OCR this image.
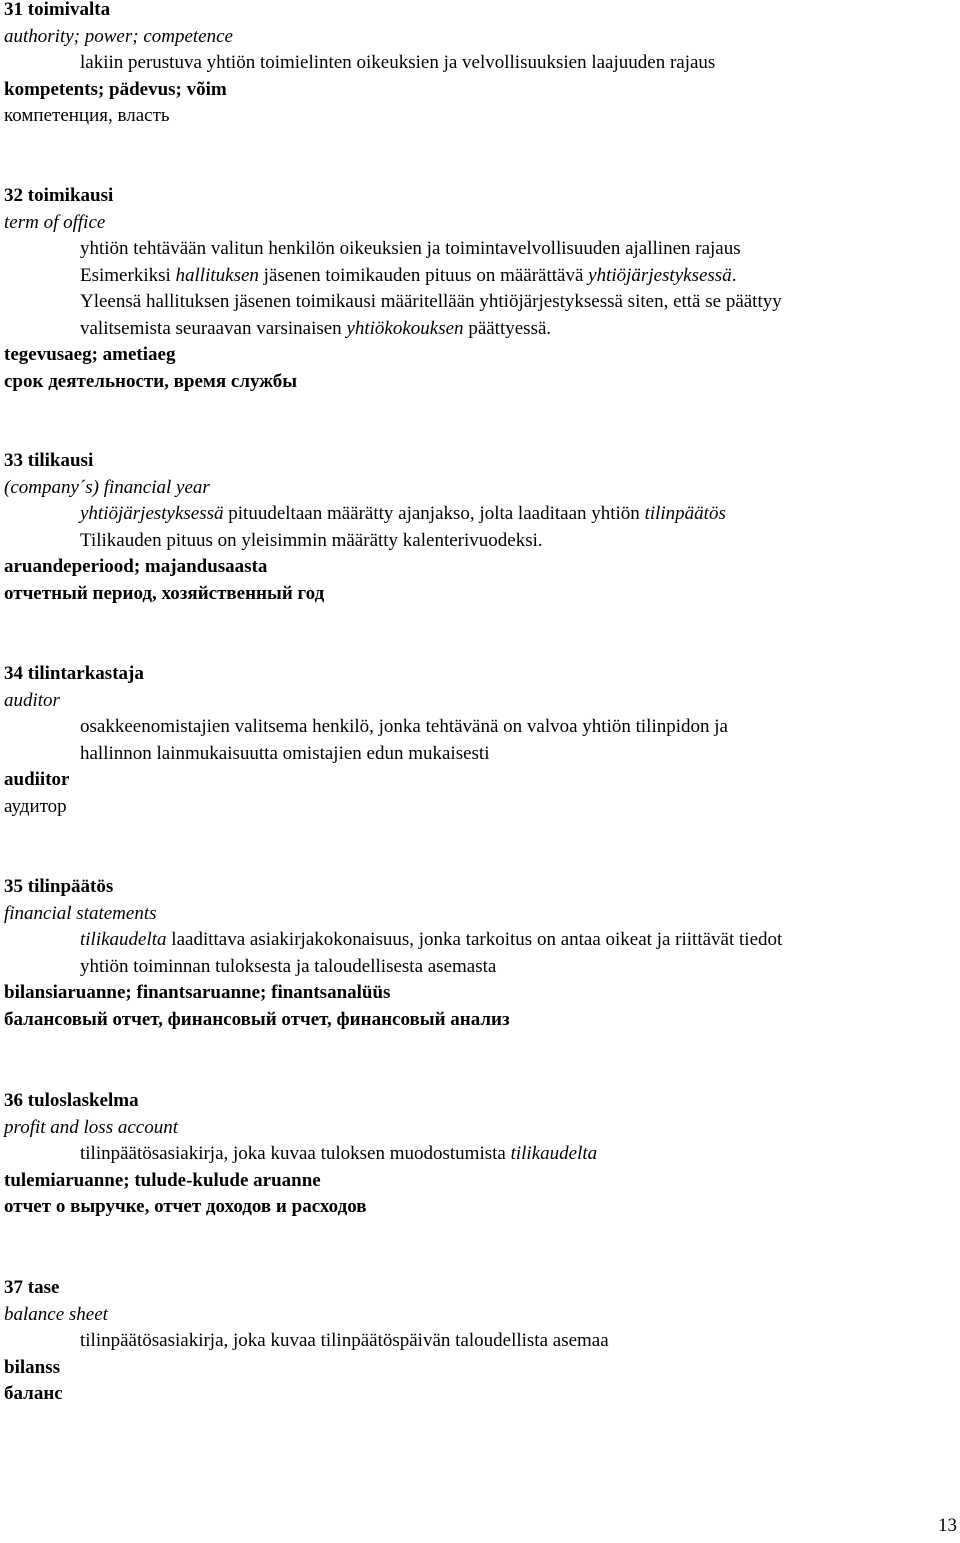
31 toimivalta
authority; power; competence
lakiin perustuva yhtiön toimielinten oikeuksien ja velvollisuuksien laajuuden rajaus
kompetents; pädevus; võim
компетенция, власть
32 toimikausi
term of office
yhtiön tehtävään valitun henkilön oikeuksien ja toimintavelvollisuuden ajallinen rajaus
Esimerkiksi hallituksen jäsenen toimikauden pituus on määrättävä yhtiöjärjestyksessä.
Yleensä hallituksen jäsenen toimikausi määritellään yhtiöjärjestyksessä siten, että se päättyy
valitsemista seuraavan varsinaisen yhtiökokouksen päättyessä.
tegevusaeg; ametiaeg
срок деятельности, время службы
33 tilikausi
(company´s) financial year
yhtiöjärjestyksessä pituudeltaan määrätty ajanjakso, jolta laaditaan yhtiön tilinpäätös
Tilikauden pituus on yleisimmin määrätty kalenterivuodeksi.
aruandeperiood; majandusaasta
отчетный период, хозяйственный год
34 tilintarkastaja
auditor
osakkeenomistajien valitsema henkilö, jonka tehtävänä on valvoa yhtiön tilinpidon ja
hallinnon lainmukaisuutta omistajien edun mukaisesti
audiitor
аудитор
35 tilinpäätös
financial statements
tilikaudelta laadittava asiakirjakokonaisuus, jonka tarkoitus on antaa oikeat ja riittävät tiedot
yhtiön toiminnan tuloksesta ja taloudellisesta asemasta
bilansiaruanne; finantsaruanne; finantsanalüüs
балансовый отчет, финансовый отчет, финансовый анализ
36 tuloslaskelma
profit and loss account
tilinpäätösasiakirja, joka kuvaa tuloksen muodostumista tilikaudelta
tulemiaruanne; tulude-kulude aruanne
отчет о выручке, отчет доходов и расходов
37 tase
balance sheet
tilinpäätösasiakirja, joka kuvaa tilinpäätöspäivän taloudellista asemaa
bilanss
баланс
13
